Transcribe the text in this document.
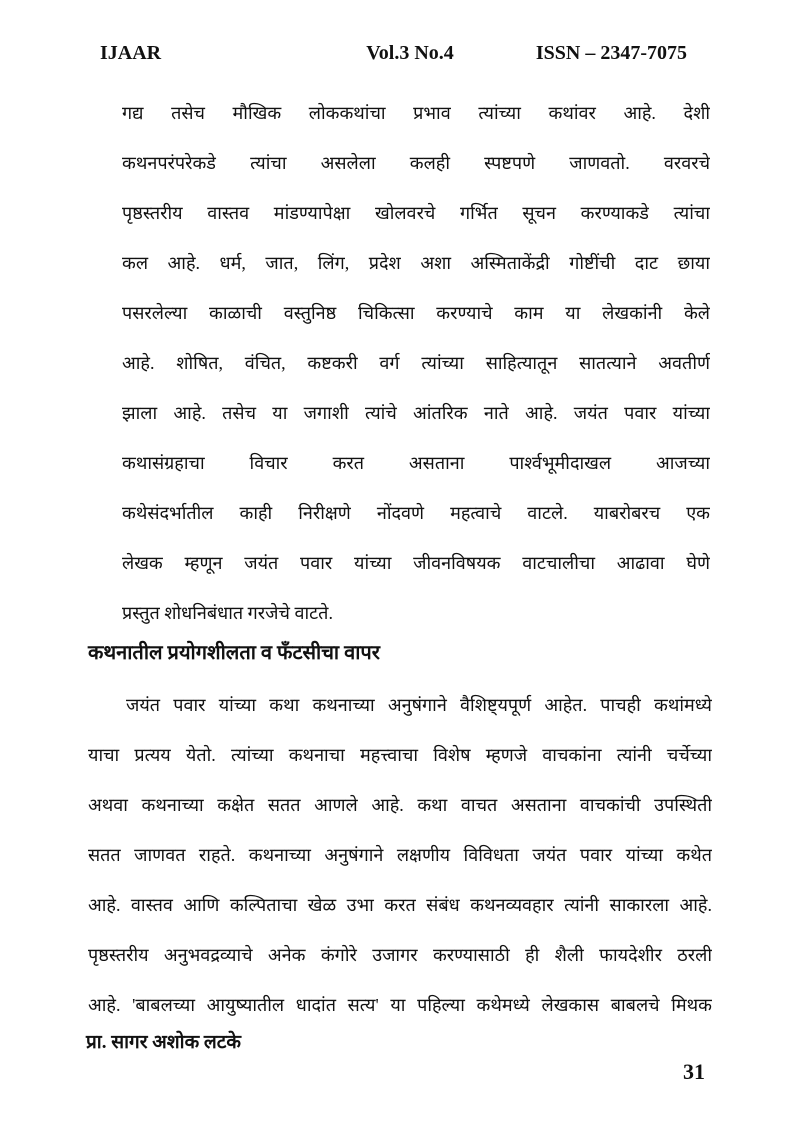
IJAAR	Vol.3 No.4	ISSN – 2347-7075
गद्य तसेच मौखिक लोककथांचा प्रभाव त्यांच्या कथांवर आहे. देशी
कथनपरंपरेकडे त्यांचा असलेला कलही स्पष्टपणे जाणवतो. वरवरचे
पृष्ठस्तरीय वास्तव मांडण्यापेक्षा खोलवरचे गर्भित सूचन करण्याकडे त्यांचा
कल आहे. धर्म, जात, लिंग, प्रदेश अशा अस्मिताकेंद्री गोष्टींची दाट छाया
पसरलेल्या काळाची वस्तुनिष्ठ चिकित्सा करण्याचे काम या लेखकांनी केले
आहे. शोषित, वंचित, कष्टकरी वर्ग त्यांच्या साहित्यातून सातत्याने अवतीर्ण
झाला आहे. तसेच या जगाशी त्यांचे आंतरिक नाते आहे. जयंत पवार यांच्या
कथासंग्रहाचा विचार करत असताना पार्श्वभूमीदाखल आजच्या
कथेसंदर्भातील काही निरीक्षणे नोंदवणे महत्वाचे वाटले. याबरोबरच एक
लेखक म्हणून जयंत पवार यांच्या जीवनविषयक वाटचालीचा आढावा घेणे
प्रस्तुत शोधनिबंधात गरजेचे वाटते.
कथनातील प्रयोगशीलता व फँटसीचा वापर
जयंत पवार यांच्या कथा कथनाच्या अनुषंगाने वैशिष्ट्यपूर्ण आहेत. पाचही कथांमध्ये
याचा प्रत्यय येतो. त्यांच्या कथनाचा महत्त्वाचा विशेष म्हणजे वाचकांना त्यांनी चर्चेच्या
अथवा कथनाच्या कक्षेत सतत आणले आहे. कथा वाचत असताना वाचकांची उपस्थिती
सतत जाणवत राहते. कथनाच्या अनुषंगाने लक्षणीय विविधता जयंत पवार यांच्या कथेत
आहे. वास्तव आणि कल्पिताचा खेळ उभा करत संबंध कथनव्यवहार त्यांनी साकारला आहे.
पृष्ठस्तरीय अनुभवद्रव्याचे अनेक कंगोरे उजागर करण्यासाठी ही शैली फायदेशीर ठरली
आहे. 'बाबलच्या आयुष्यातील धादांत सत्य' या पहिल्या कथेमध्ये लेखकास बाबलचे मिथक
प्रा. सागर अशोक लटके
31
